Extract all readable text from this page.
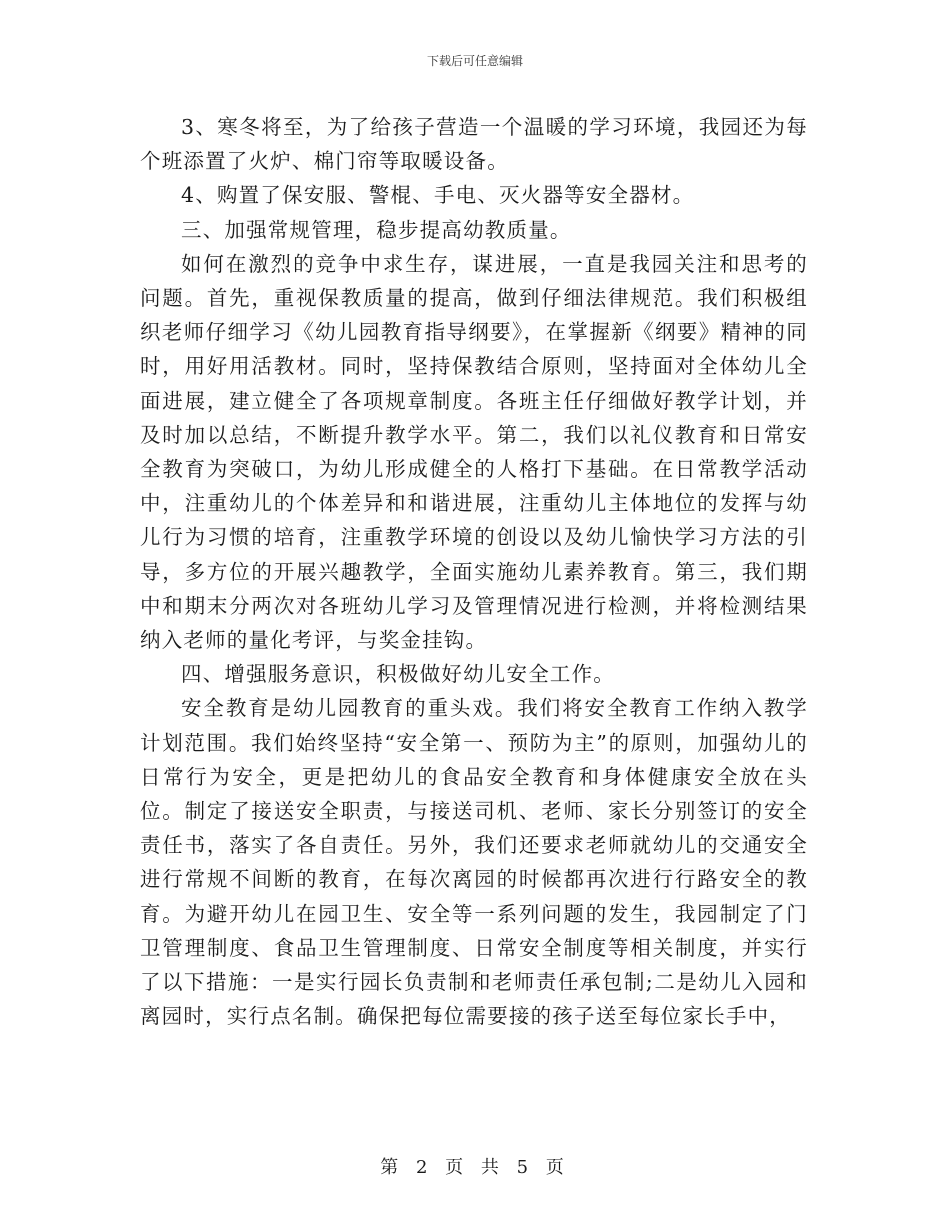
下载后可任意编辑

3、寒冬将至，为了给孩子营造一个温暖的学习环境，我园还为每个班添置了火炉、棉门帘等取暖设备。

4、购置了保安服、警棍、手电、灭火器等安全器材。

三、加强常规管理，稳步提高幼教质量。

如何在激烈的竞争中求生存，谋进展，一直是我园关注和思考的问题。首先，重视保教质量的提高，做到仔细法律规范。我们积极组织老师仔细学习《幼儿园教育指导纲要》，在掌握新《纲要》精神的同时，用好用活教材。同时，坚持保教结合原则，坚持面对全体幼儿全面进展，建立健全了各项规章制度。各班主任仔细做好教学计划，并及时加以总结，不断提升教学水平。第二，我们以礼仪教育和日常安全教育为突破口，为幼儿形成健全的人格打下基础。在日常教学活动中，注重幼儿的个体差异和和谐进展，注重幼儿主体地位的发挥与幼儿行为习惯的培育，注重教学环境的创设以及幼儿愉快学习方法的引导，多方位的开展兴趣教学，全面实施幼儿素养教育。第三，我们期中和期末分两次对各班幼儿学习及管理情况进行检测，并将检测结果纳入老师的量化考评，与奖金挂钩。

四、增强服务意识，积极做好幼儿安全工作。

安全教育是幼儿园教育的重头戏。我们将安全教育工作纳入教学计划范围。我们始终坚持“安全第一、预防为主”的原则，加强幼儿的日常行为安全，更是把幼儿的食品安全教育和身体健康安全放在头位。制定了接送安全职责，与接送司机、老师、家长分别签订的安全责任书，落实了各自责任。另外，我们还要求老师就幼儿的交通安全进行常规不间断的教育，在每次离园的时候都再次进行行路安全的教育。为避开幼儿在园卫生、安全等一系列问题的发生，我园制定了门卫管理制度、食品卫生管理制度、日常安全制度等相关制度，并实行了以下措施：一是实行园长负责制和老师责任承包制;二是幼儿入园和离园时，实行点名制。确保把每位需要接的孩子送至每位家长手中，

第 2 页 共 5 页
